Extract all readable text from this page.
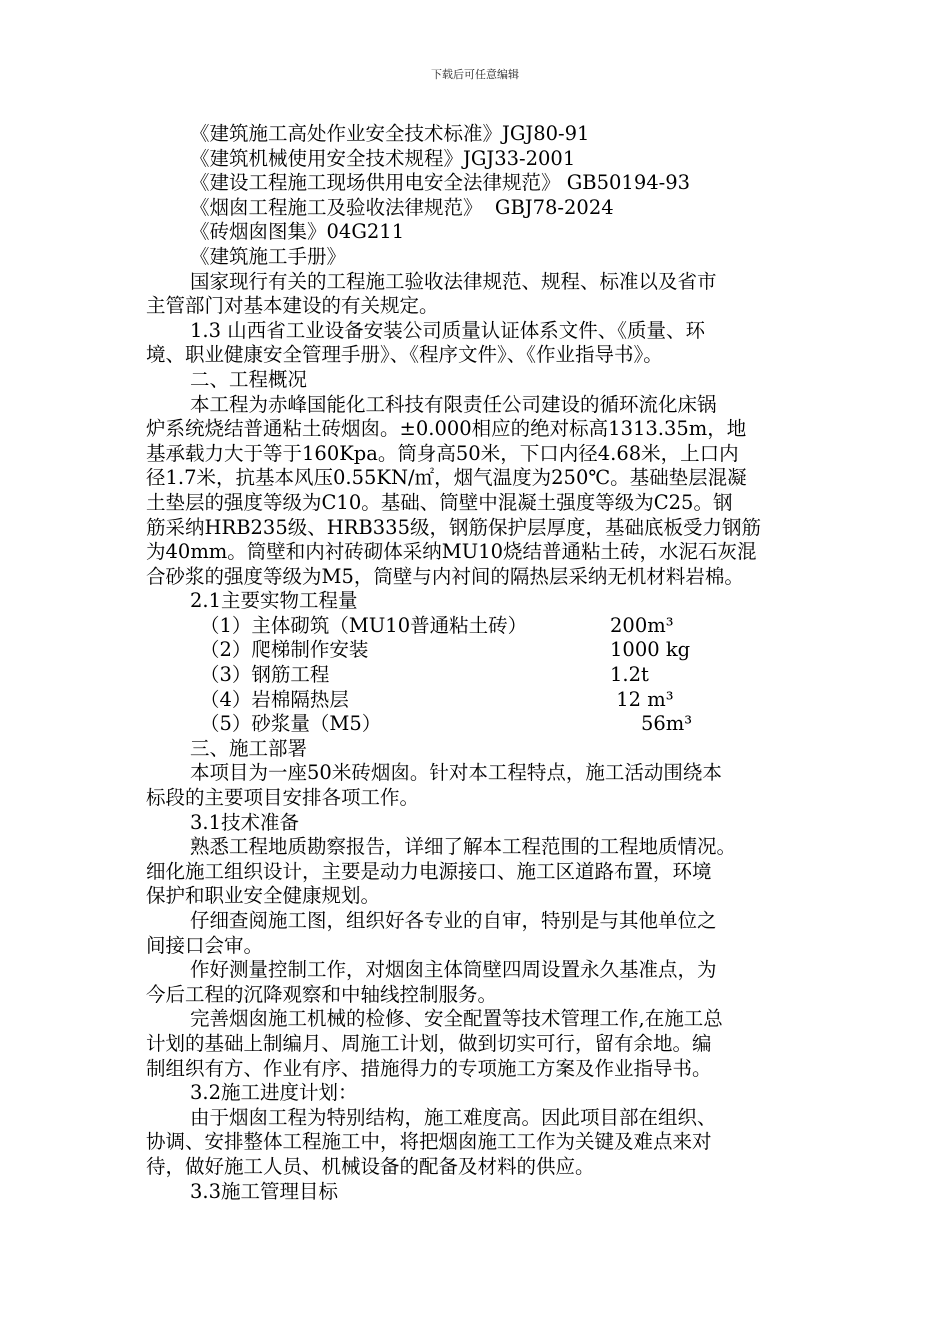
下载后可任意编辑
《建筑施工高处作业安全技术标准》JGJ80-91
《建筑机械使用安全技术规程》JGJ33-2001
《建设工程施工现场供用电安全法律规范》 GB50194-93
《烟囱工程施工及验收法律规范》  GBJ78-2024
《砖烟囱图集》04G211
《建筑施工手册》
国家现行有关的工程施工验收法律规范、规程、标准以及省市
主管部门对基本建设的有关规定。
1.3 山西省工业设备安装公司质量认证体系文件、《质量、环
境、职业健康安全管理手册》、《程序文件》、《作业指导书》。
二、工程概况
本工程为赤峰国能化工科技有限责任公司建设的循环流化床锅
炉系统烧结普通粘土砖烟囱。±0.000相应的绝对标高1313.35m，地
基承载力大于等于160Kpa。筒身高50米，下口内径4.68米，上口内
径1.7米，抗基本风压0.55KN/㎡，烟气温度为250℃。基础垫层混凝
土垫层的强度等级为C10。基础、筒壁中混凝土强度等级为C25。钢
筋采纳HRB235级、HRB335级，钢筋保护层厚度，基础底板受力钢筋
为40mm。筒壁和内衬砖砌体采纳MU10烧结普通粘土砖，水泥石灰混
合砂浆的强度等级为M5，筒壁与内衬间的隔热层采纳无机材料岩棉。
2.1主要实物工程量
（1）主体砌筑（MU10普通粘土砖）	200m³
（2）爬梯制作安装	1000 kg
（3）钢筋工程	1.2t
（4）岩棉隔热层	12 m³
（5）砂浆量（M5）	56m³
三、施工部署
本项目为一座50米砖烟囱。针对本工程特点，施工活动围绕本
标段的主要项目安排各项工作。
3.1技术准备
熟悉工程地质勘察报告，详细了解本工程范围的工程地质情况。
细化施工组织设计，主要是动力电源接口、施工区道路布置，环境
保护和职业安全健康规划。
仔细查阅施工图，组织好各专业的自审，特别是与其他单位之
间接口会审。
作好测量控制工作，对烟囱主体筒壁四周设置永久基准点，为
今后工程的沉降观察和中轴线控制服务。
完善烟囱施工机械的检修、安全配置等技术管理工作,在施工总
计划的基础上制编月、周施工计划，做到切实可行，留有余地。编
制组织有方、作业有序、措施得力的专项施工方案及作业指导书。
3.2施工进度计划：
由于烟囱工程为特别结构，施工难度高。因此项目部在组织、
协调、安排整体工程施工中，将把烟囱施工工作为关键及难点来对
待，做好施工人员、机械设备的配备及材料的供应。
3.3施工管理目标
